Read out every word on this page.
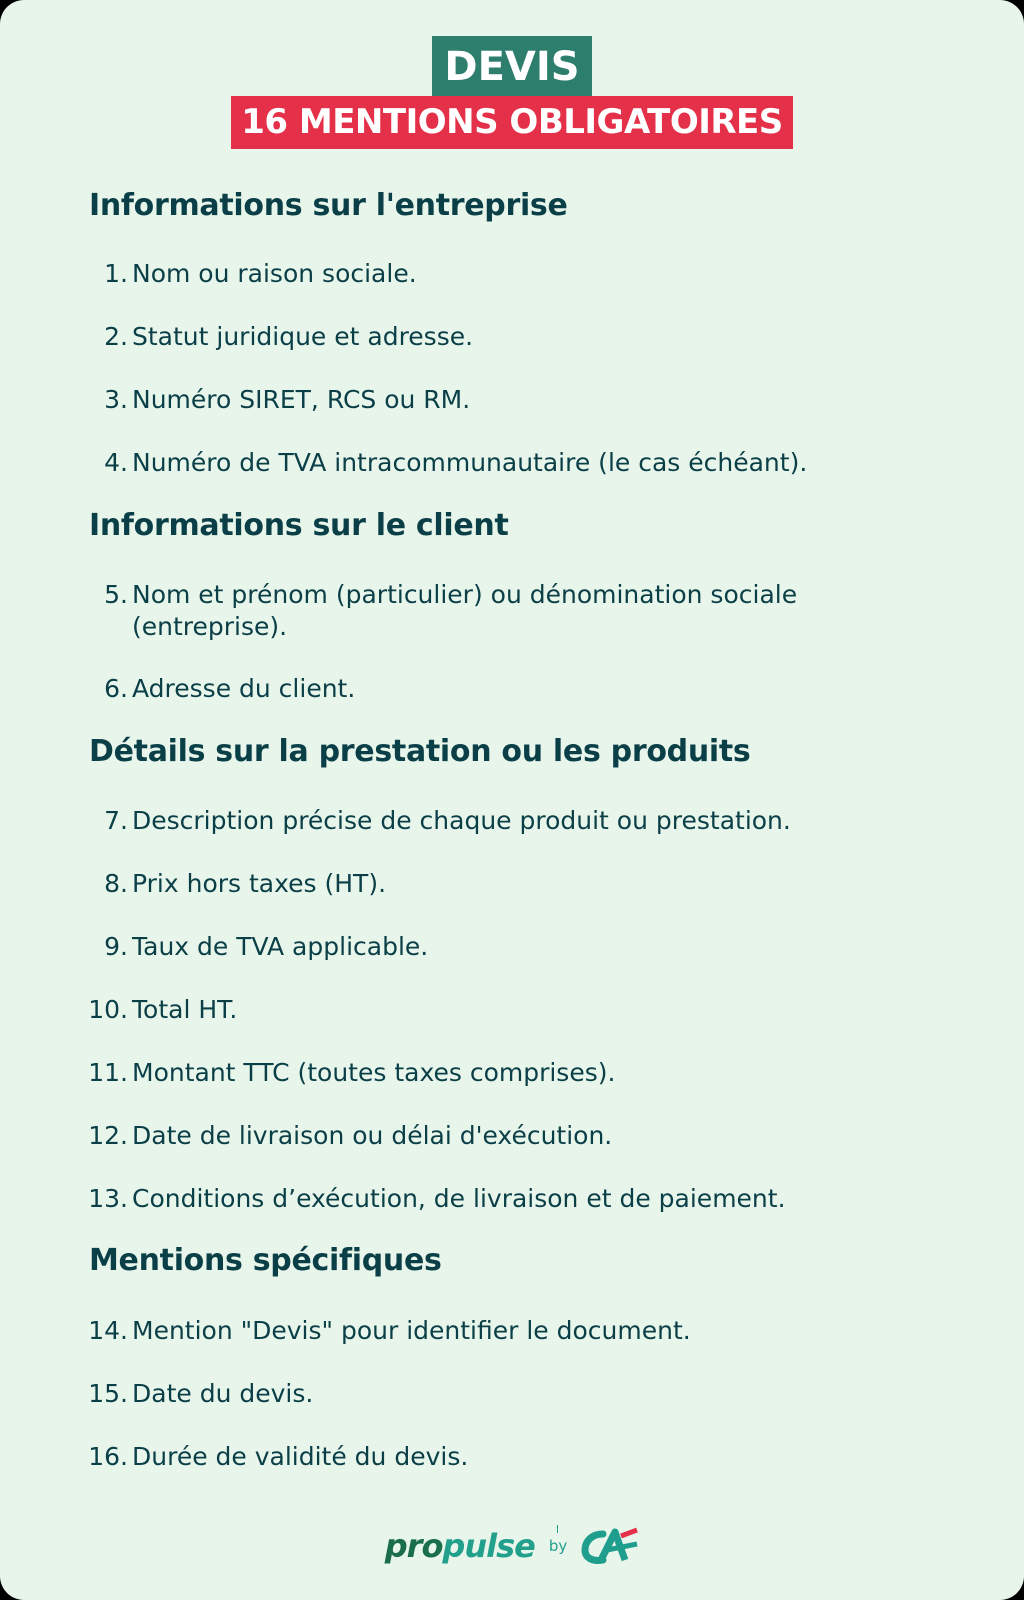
DEVIS
16 MENTIONS OBLIGATOIRES
Informations sur l'entreprise
1. Nom ou raison sociale.
2. Statut juridique et adresse.
3. Numéro SIRET, RCS ou RM.
4. Numéro de TVA intracommunautaire (le cas échéant).
Informations sur le client
5. Nom et prénom (particulier) ou dénomination sociale (entreprise).
6. Adresse du client.
Détails sur la prestation ou les produits
7. Description précise de chaque produit ou prestation.
8. Prix hors taxes (HT).
9. Taux de TVA applicable.
10. Total HT.
11. Montant TTC (toutes taxes comprises).
12. Date de livraison ou délai d'exécution.
13. Conditions d’exécution, de livraison et de paiement.
Mentions spécifiques
14. Mention "Devis" pour identifier le document.
15. Date du devis.
16. Durée de validité du devis.
propulse by
